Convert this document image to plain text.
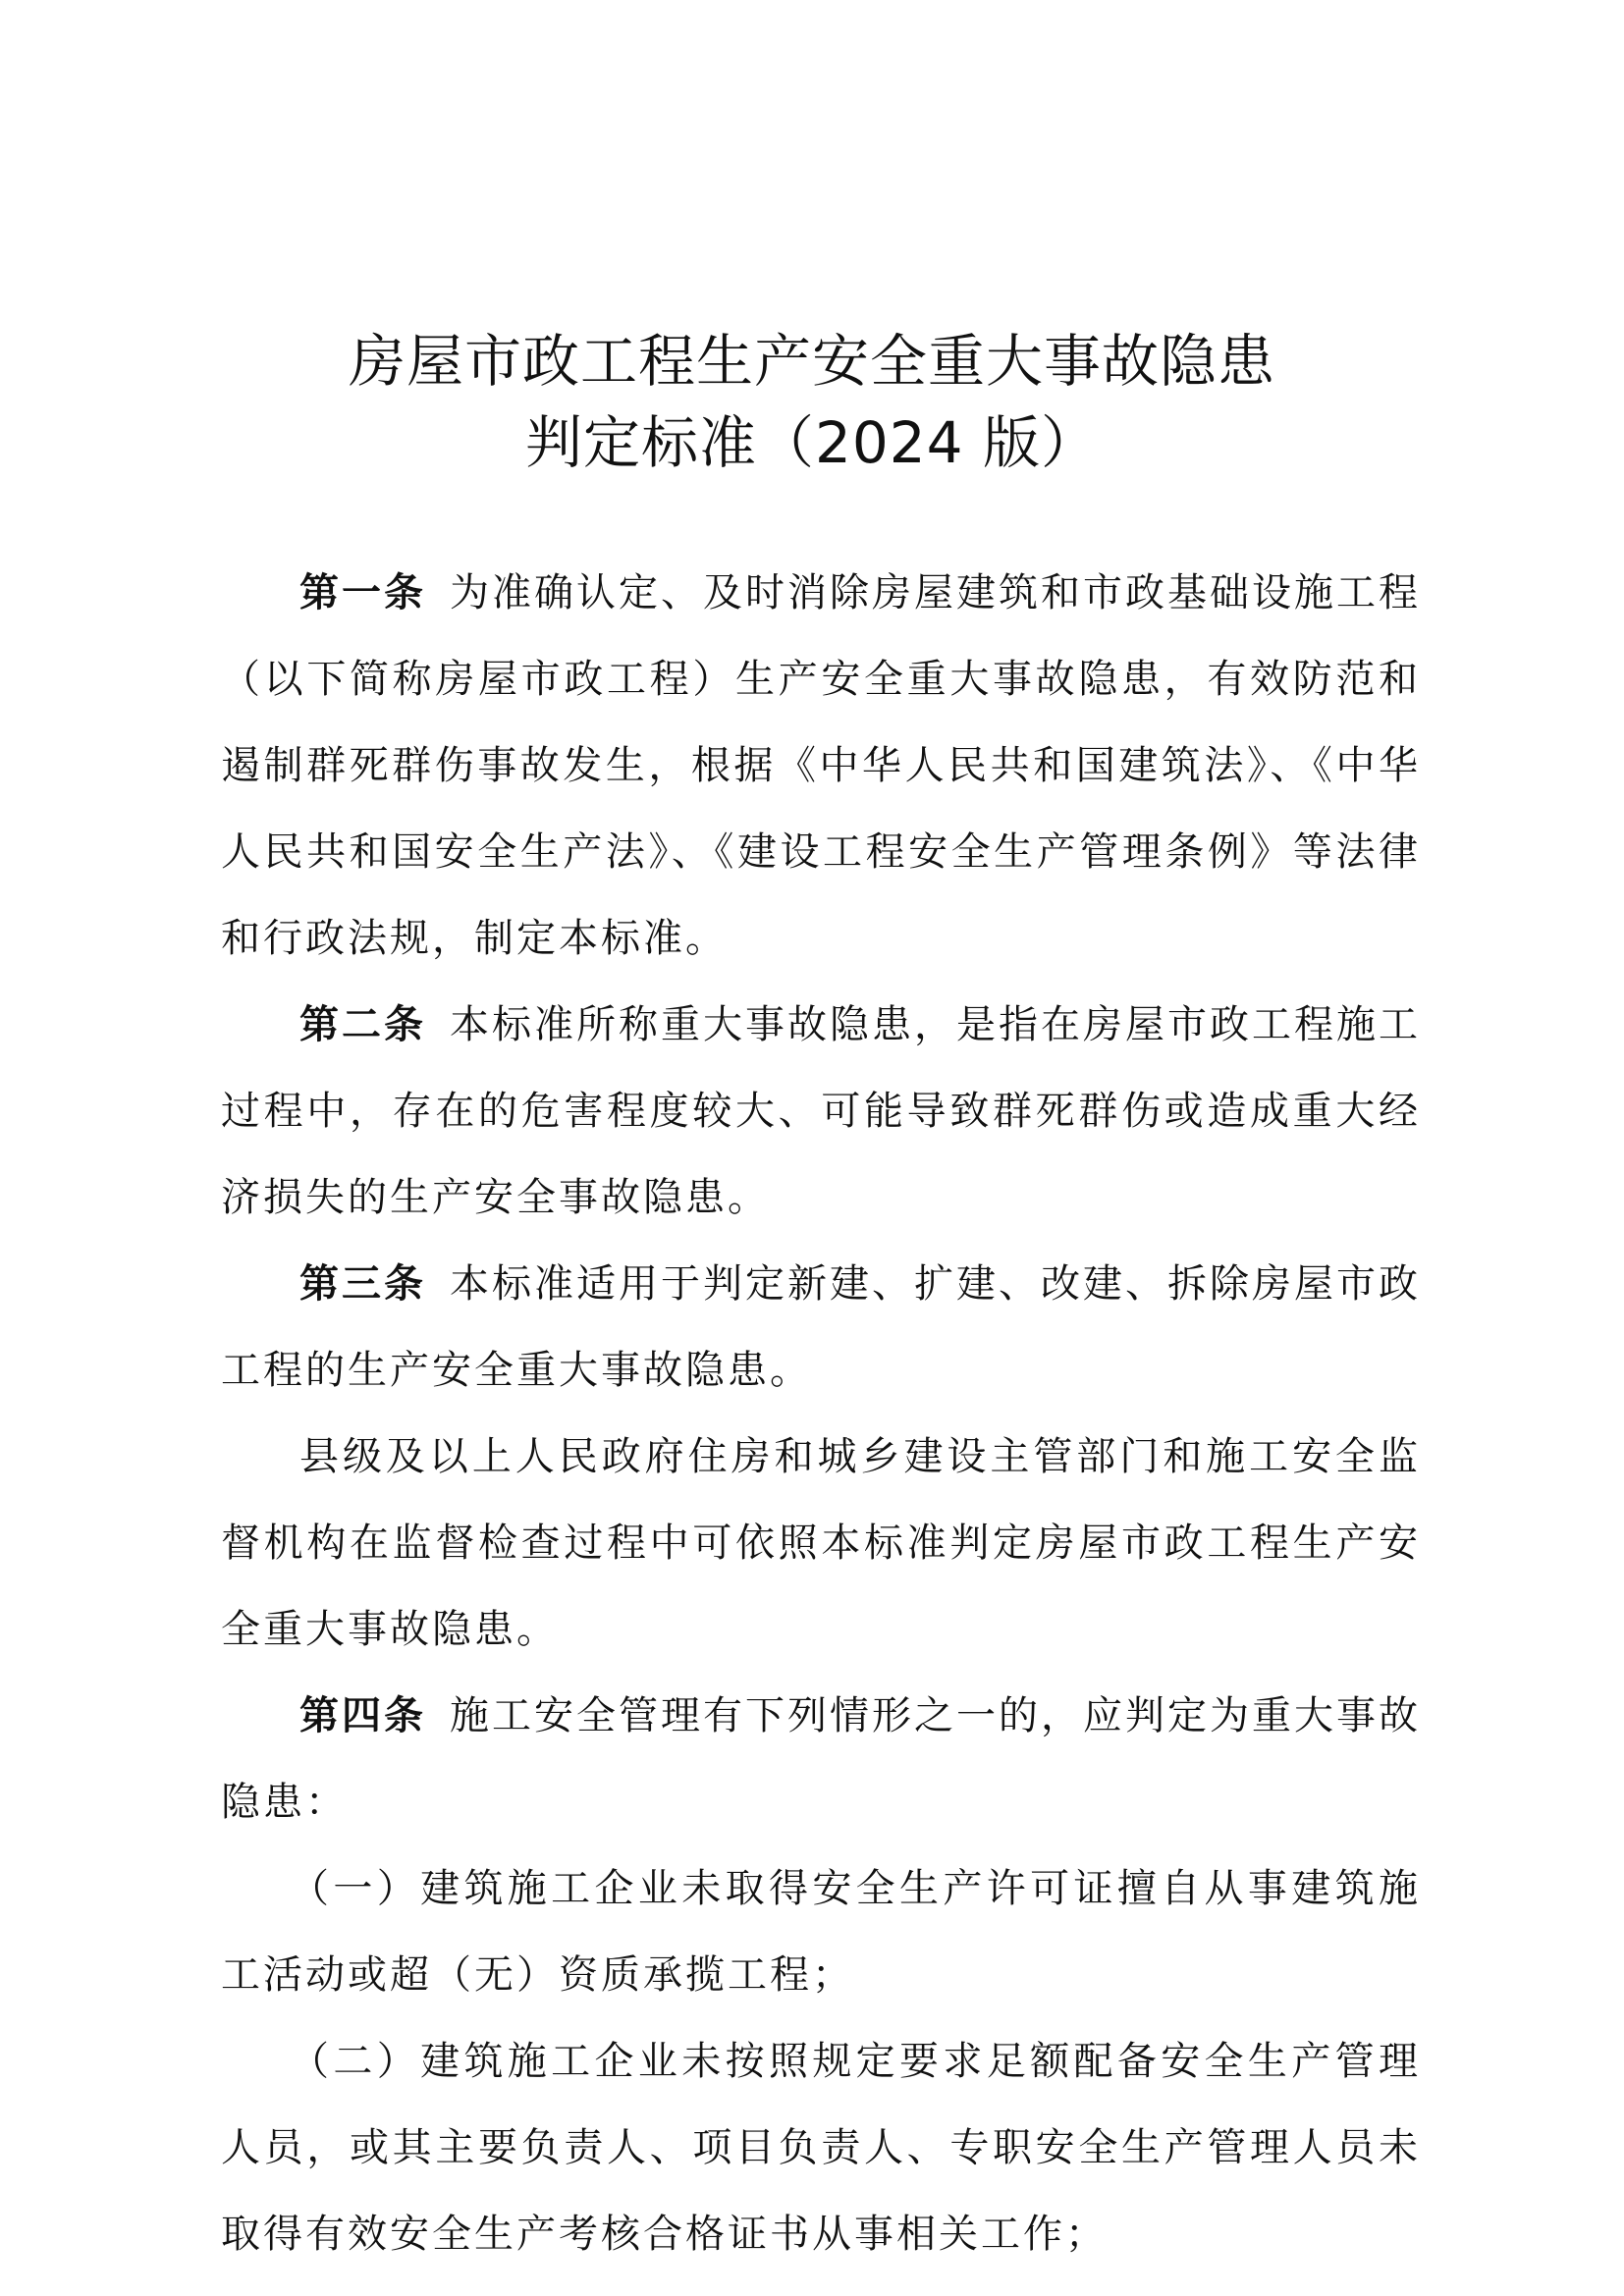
房屋市政工程生产安全重大事故隐患
判定标准（2024 版）

第一条 为准确认定、及时消除房屋建筑和市政基础设施工程（以下简称房屋市政工程）生产安全重大事故隐患，有效防范和遏制群死群伤事故发生，根据《中华人民共和国建筑法》、《中华人民共和国安全生产法》、《建设工程安全生产管理条例》等法律和行政法规，制定本标准。

第二条 本标准所称重大事故隐患，是指在房屋市政工程施工过程中，存在的危害程度较大、可能导致群死群伤或造成重大经济损失的生产安全事故隐患。

第三条 本标准适用于判定新建、扩建、改建、拆除房屋市政工程的生产安全重大事故隐患。

县级及以上人民政府住房和城乡建设主管部门和施工安全监督机构在监督检查过程中可依照本标准判定房屋市政工程生产安全重大事故隐患。

第四条 施工安全管理有下列情形之一的，应判定为重大事故隐患：

（一）建筑施工企业未取得安全生产许可证擅自从事建筑施工活动或超（无）资质承揽工程；

（二）建筑施工企业未按照规定要求足额配备安全生产管理人员，或其主要负责人、项目负责人、专职安全生产管理人员未取得有效安全生产考核合格证书从事相关工作；
